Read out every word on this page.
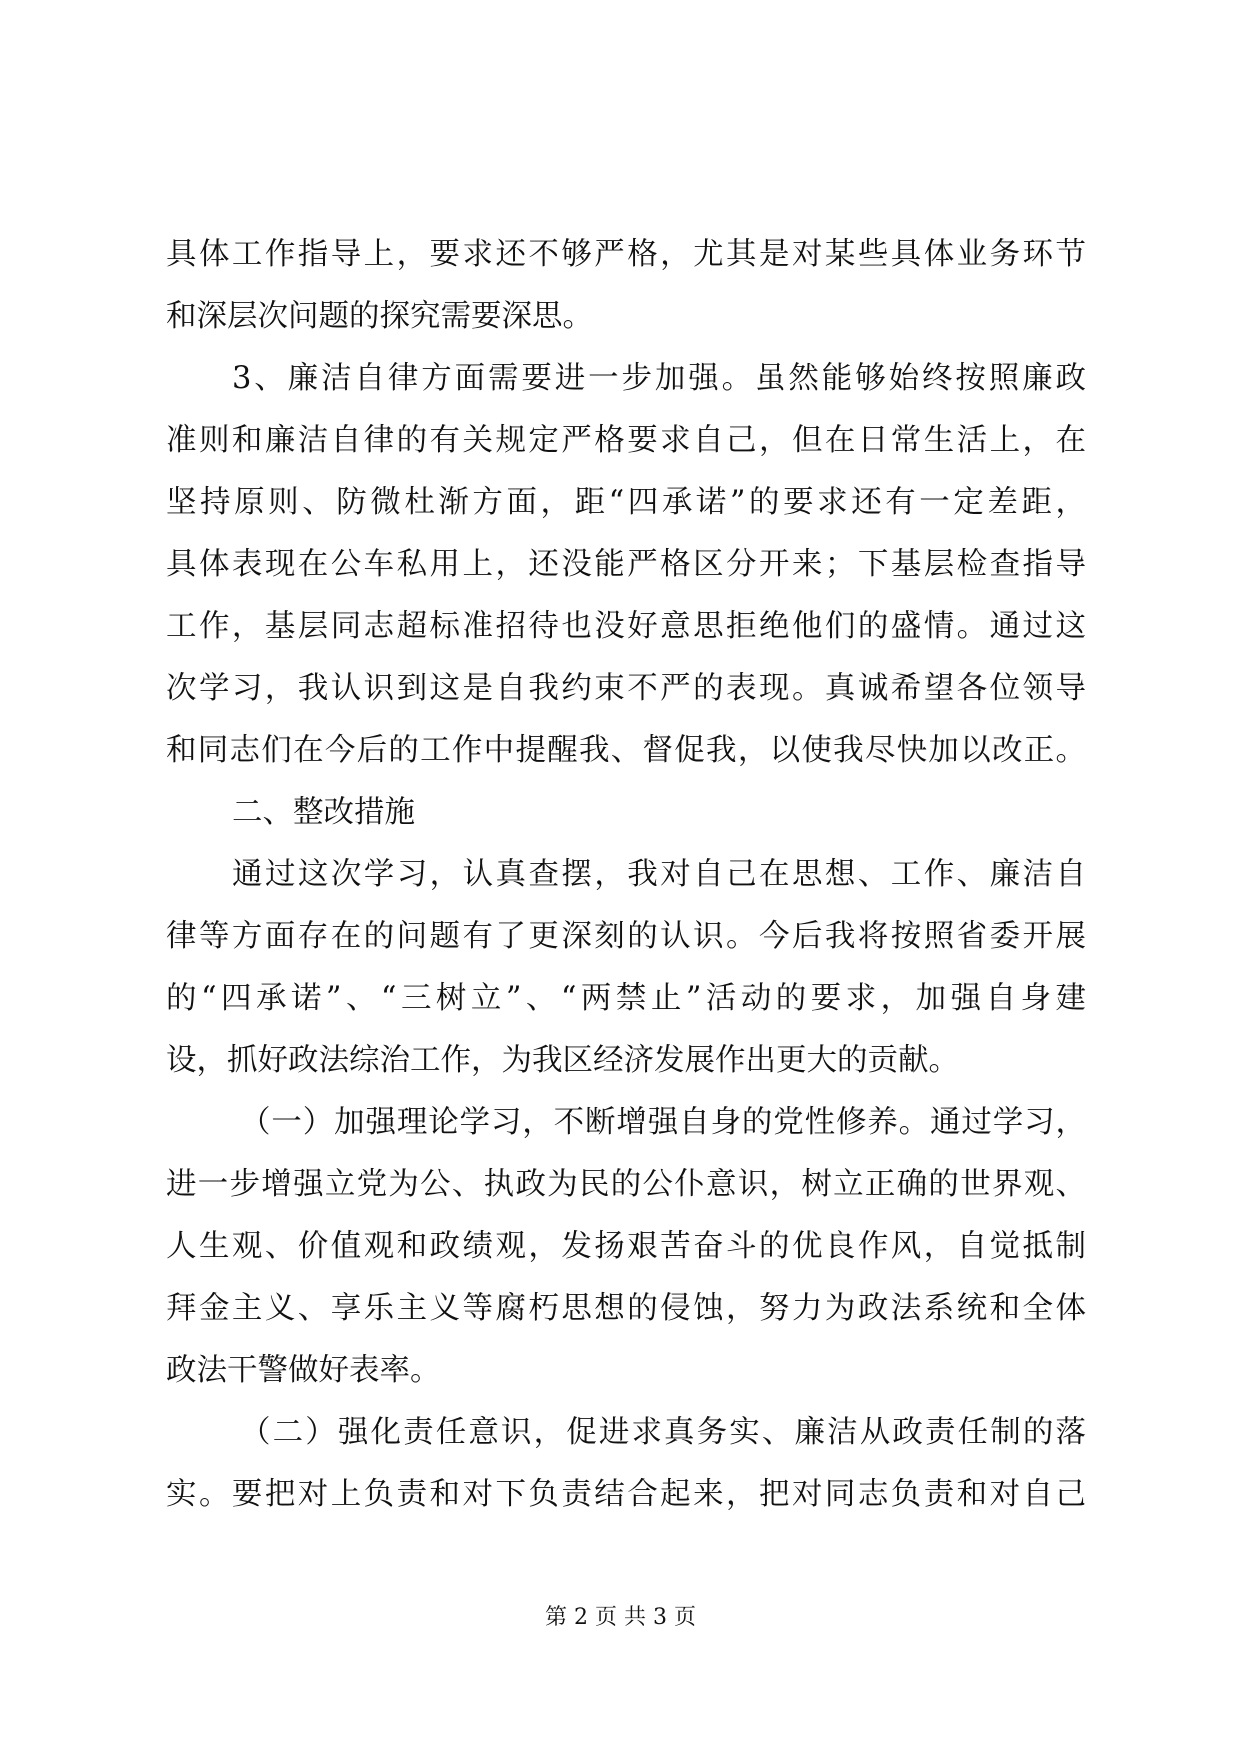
具体工作指导上，要求还不够严格，尤其是对某些具体业务环节
和深层次问题的探究需要深思。
3、廉洁自律方面需要进一步加强。虽然能够始终按照廉政
准则和廉洁自律的有关规定严格要求自己，但在日常生活上，在
坚持原则、防微杜渐方面，距“四承诺”的要求还有一定差距，
具体表现在公车私用上，还没能严格区分开来；下基层检查指导
工作，基层同志超标准招待也没好意思拒绝他们的盛情。通过这
次学习，我认识到这是自我约束不严的表现。真诚希望各位领导
和同志们在今后的工作中提醒我、督促我，以使我尽快加以改正。
二、整改措施
通过这次学习，认真查摆，我对自己在思想、工作、廉洁自
律等方面存在的问题有了更深刻的认识。今后我将按照省委开展
的“四承诺”、“三树立”、“两禁止”活动的要求，加强自身建
设，抓好政法综治工作，为我区经济发展作出更大的贡献。
（一）加强理论学习，不断增强自身的党性修养。通过学习，
进一步增强立党为公、执政为民的公仆意识，树立正确的世界观、
人生观、价值观和政绩观，发扬艰苦奋斗的优良作风，自觉抵制
拜金主义、享乐主义等腐朽思想的侵蚀，努力为政法系统和全体
政法干警做好表率。
（二）强化责任意识，促进求真务实、廉洁从政责任制的落
实。要把对上负责和对下负责结合起来，把对同志负责和对自己
第 2 页 共 3 页
